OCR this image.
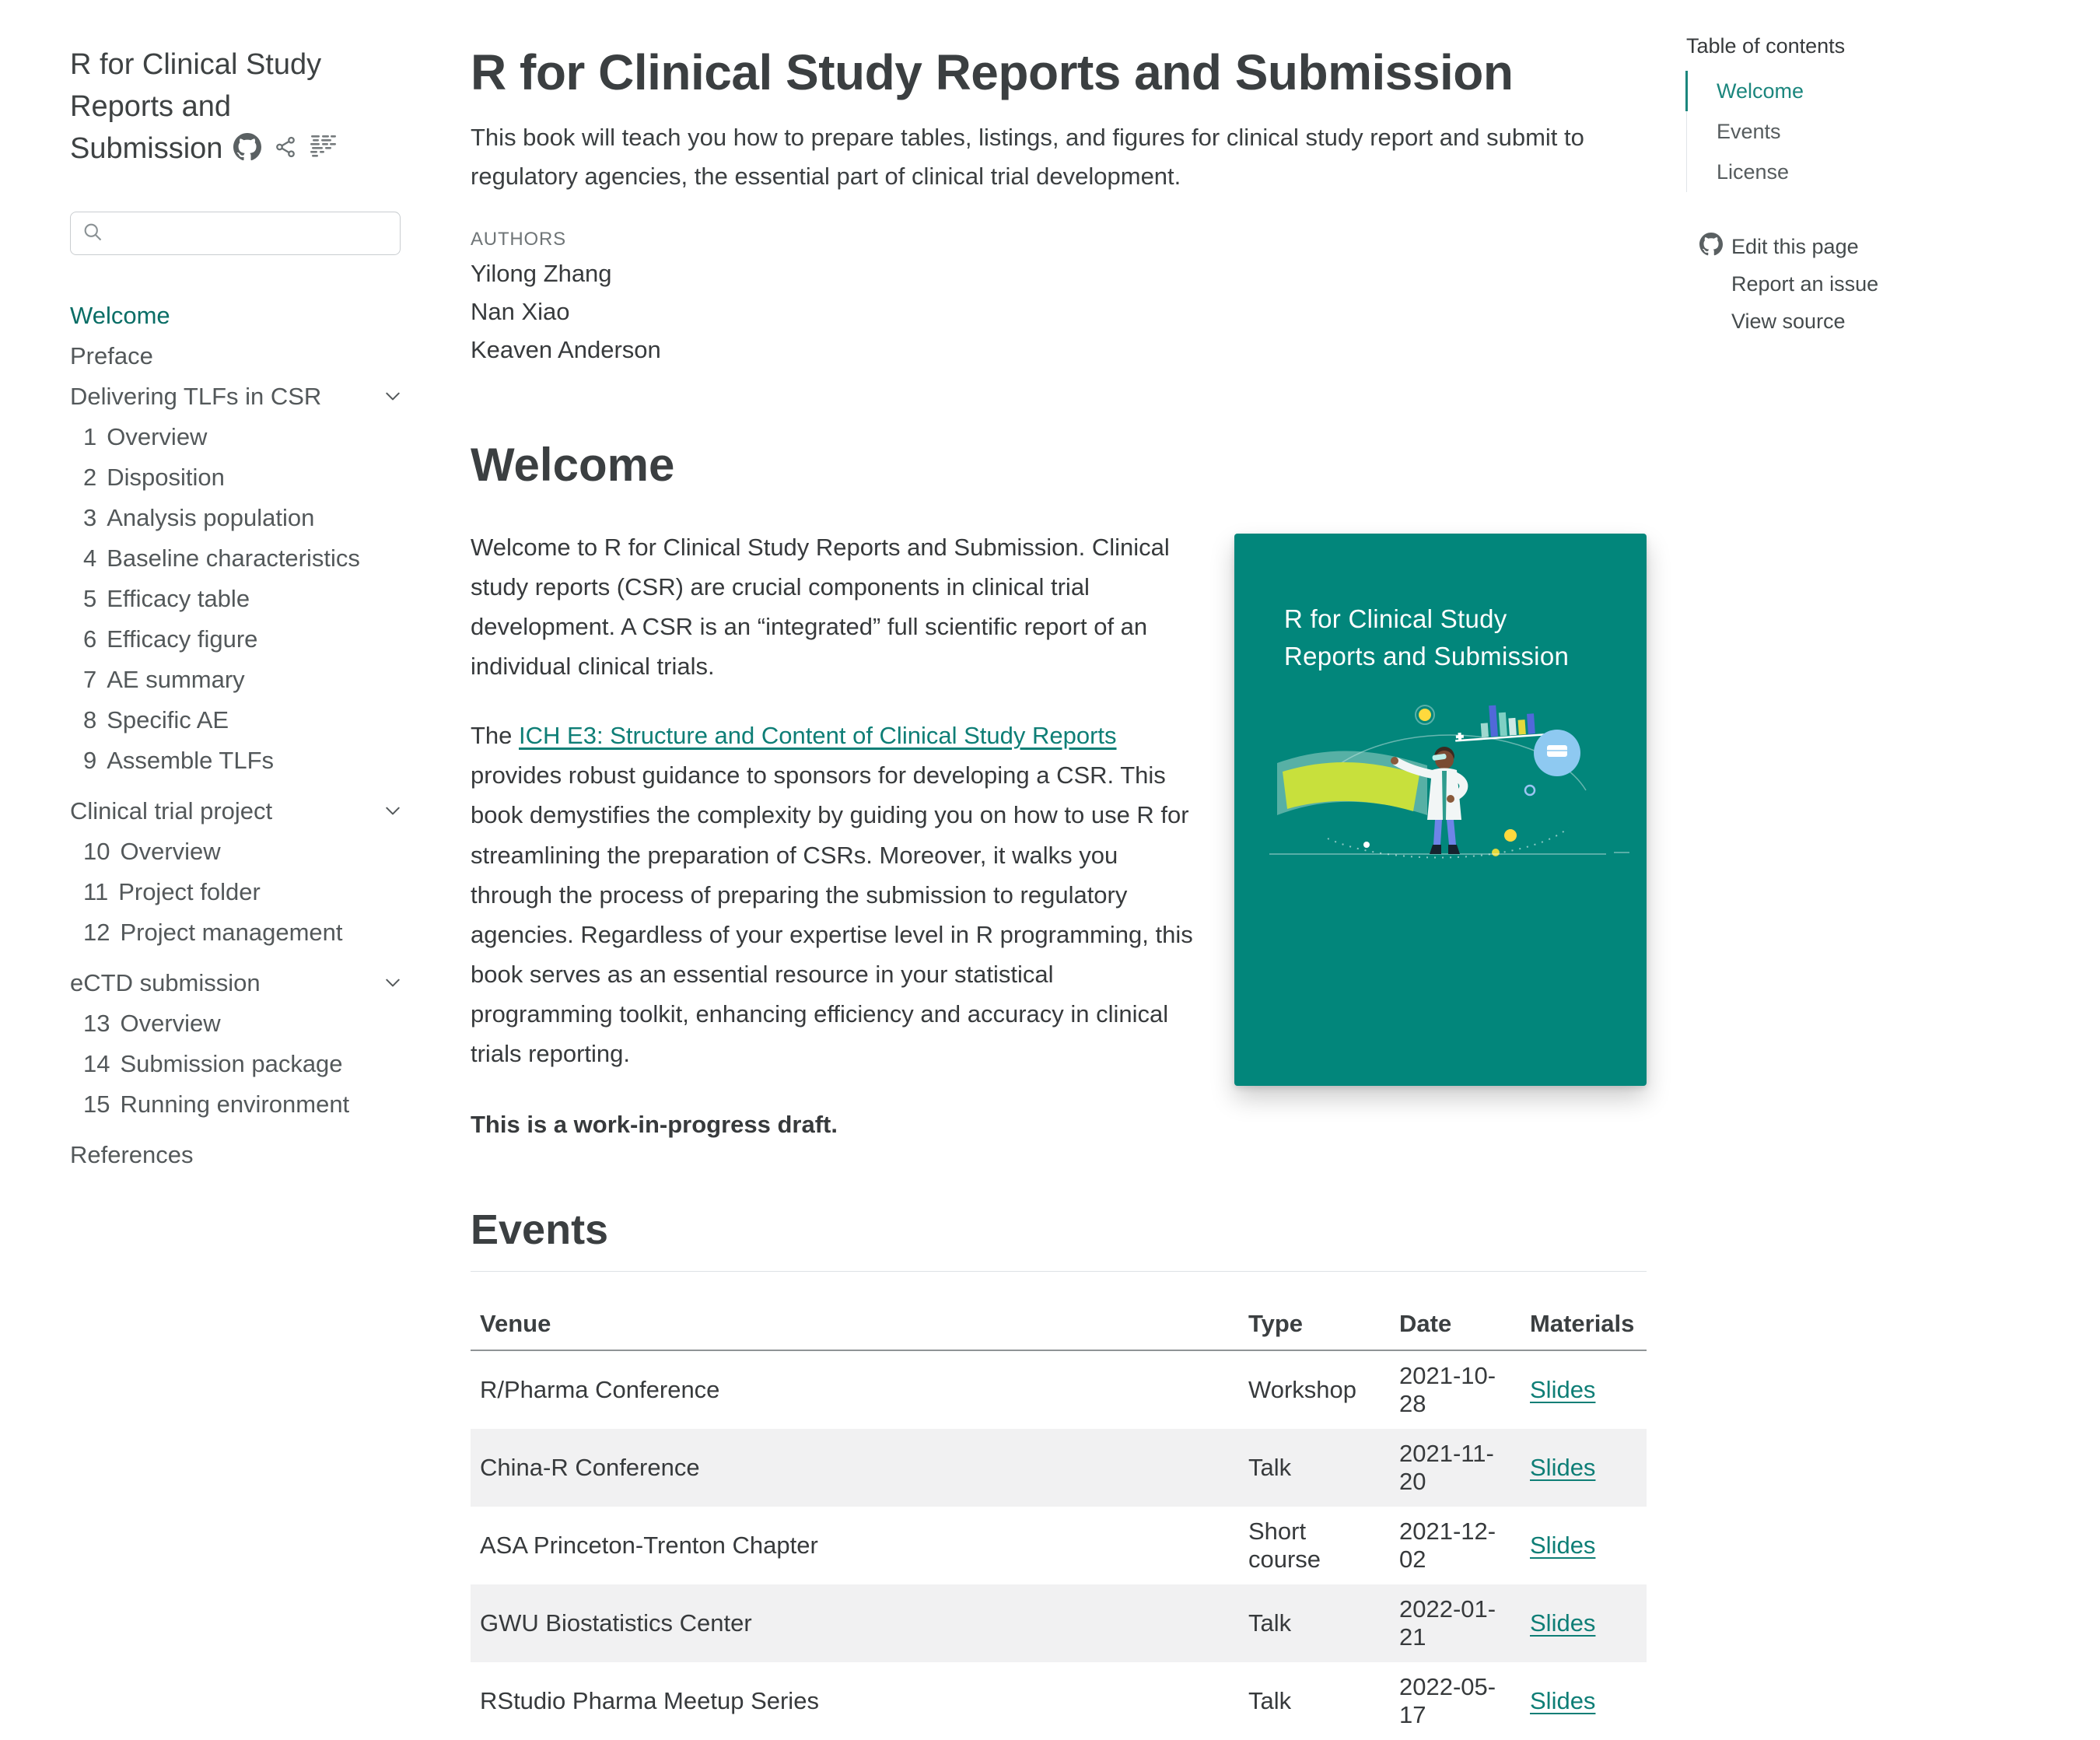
R for Clinical Study Reports and Submission
Welcome
Preface
Delivering TLFs in CSR
1 Overview
2 Disposition
3 Analysis population
4 Baseline characteristics
5 Efficacy table
6 Efficacy figure
7 AE summary
8 Specific AE
9 Assemble TLFs
Clinical trial project
10 Overview
11 Project folder
12 Project management
eCTD submission
13 Overview
14 Submission package
15 Running environment
References
R for Clinical Study Reports and Submission

This book will teach you how to prepare tables, listings, and figures for clinical study report and submit to regulatory agencies, the essential part of clinical trial development.

AUTHORS
Yilong Zhang
Nan Xiao
Keaven Anderson
Welcome
R for Clinical Study Reports and Submission

Welcome to R for Clinical Study Reports and Submission. Clinical study reports (CSR) are crucial components in clinical trial development. A CSR is an “integrated” full scientific report of an individual clinical trials.

The ICH E3: Structure and Content of Clinical Study Reports provides robust guidance to sponsors for developing a CSR. This book demystifies the complexity by guiding you on how to use R for streamlining the preparation of CSRs. Moreover, it walks you through the process of preparing the submission to regulatory agencies. Regardless of your expertise level in R programming, this book serves as an essential resource in your statistical programming toolkit, enhancing efficiency and accuracy in clinical trials reporting.

This is a work-in-progress draft.

Events
Venue	Type	Date	Materials
R/Pharma Conference	Workshop	2021-10-28	Slides
China-R Conference	Talk	2021-11-20	Slides
ASA Princeton-Trenton Chapter	Short course	2021-12-02	Slides
GWU Biostatistics Center	Talk	2022-01-21	Slides
RStudio Pharma Meetup Series	Talk	2022-05-17	Slides
Table of contents
Welcome
Events
License
Edit this page
Report an issue
View source
